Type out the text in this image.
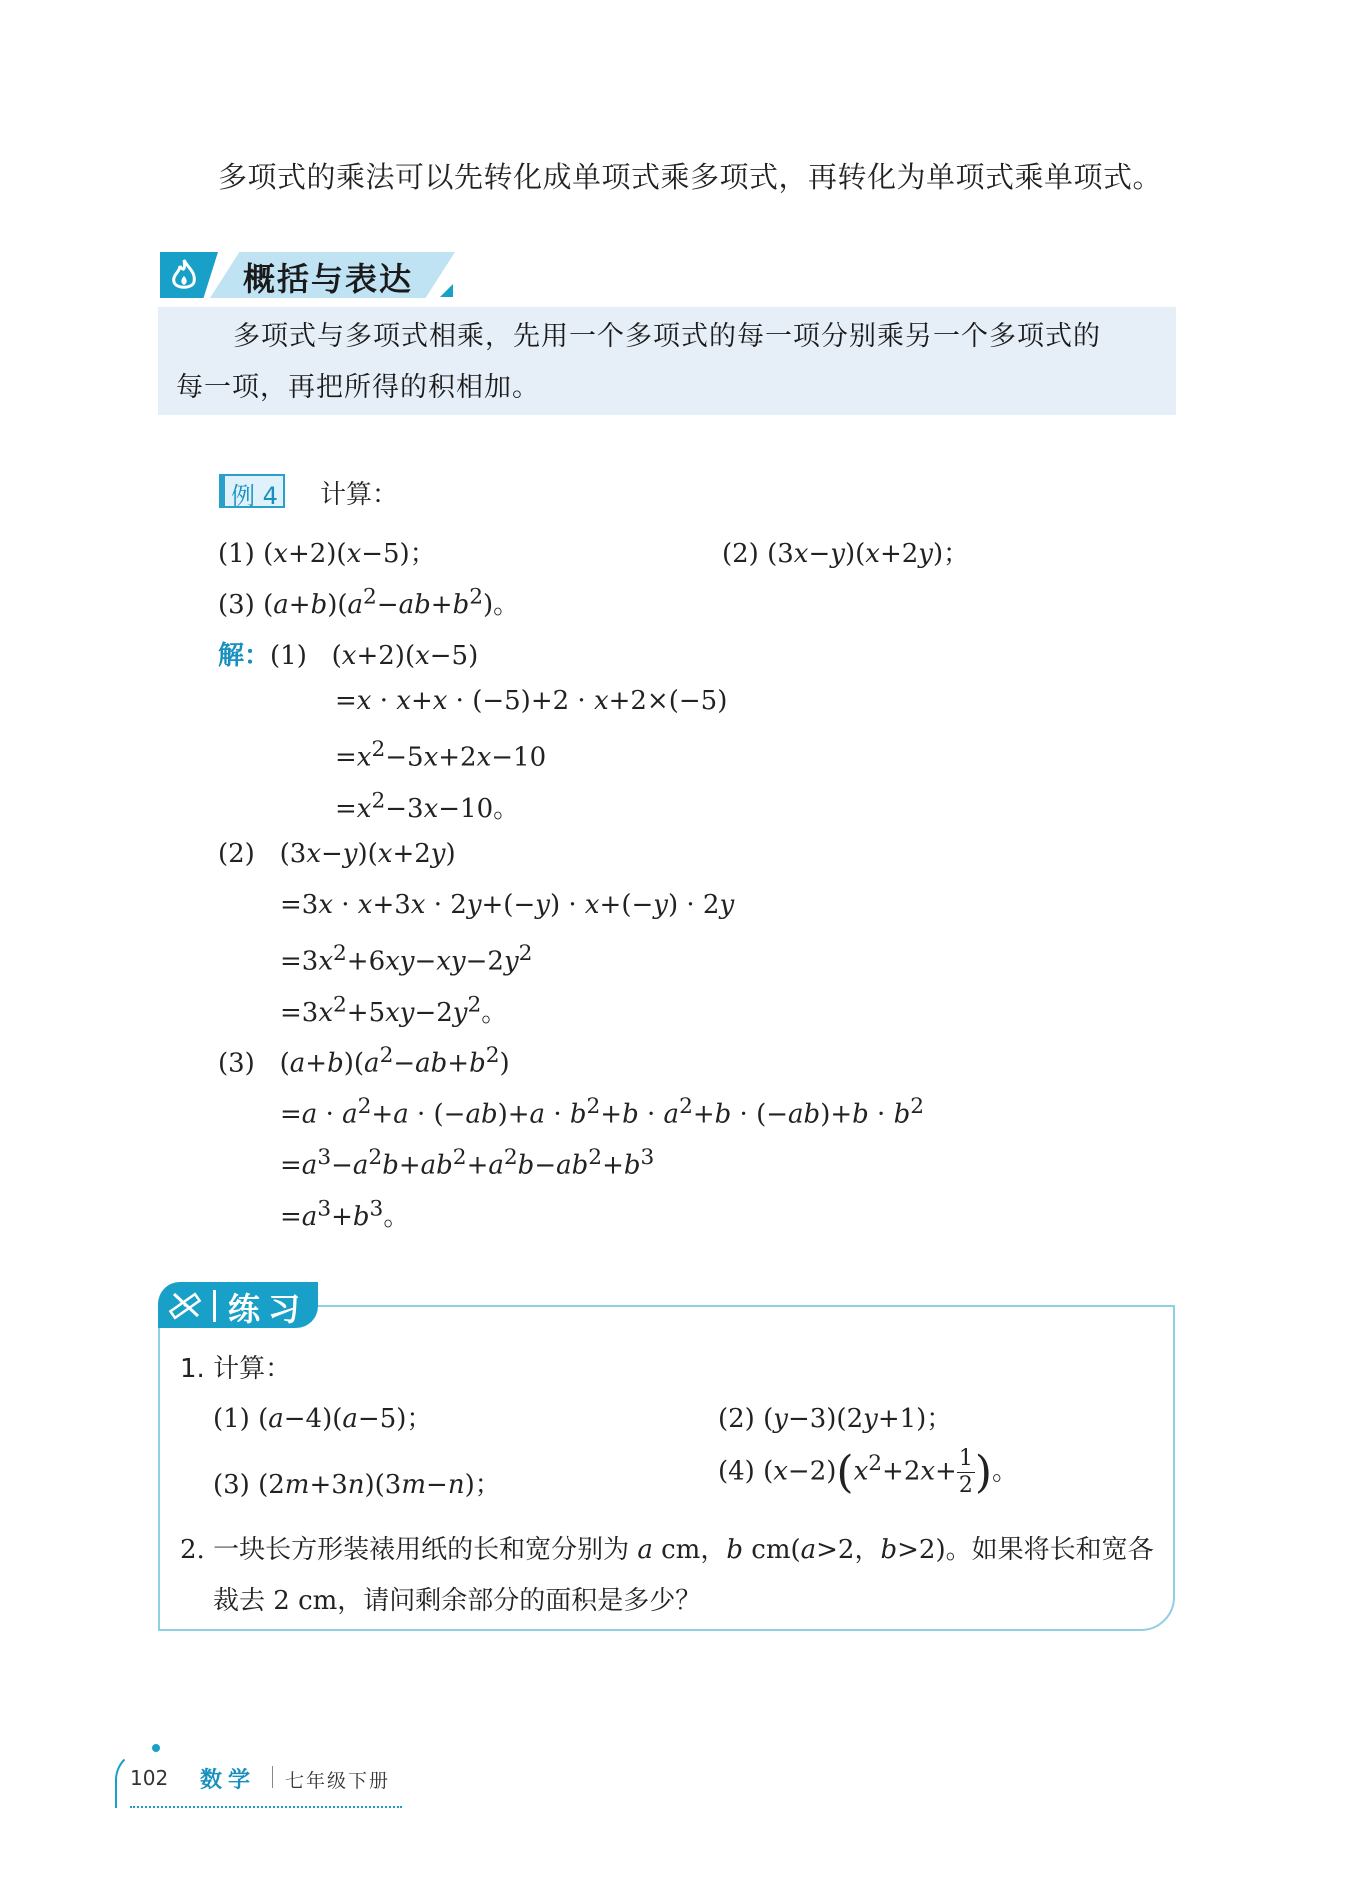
多项式的乘法可以先转化成单项式乘多项式，再转化为单项式乘单项式。
概括与表达
多项式与多项式相乘，先用一个多项式的每一项分别乘另一个多项式的
每一项，再把所得的积相加。
例 4 计算：
(1) (x+2)(x−5)；	(2) (3x−y)(x+2y)；
(3) $(a+b)(a^2-ab+b^2)$。
解：(1)   (x+2)(x−5)
=x · x+x · (−5)+2 · x+2×(−5)
$=x^2-5x+2x-10$
$=x^2-3x-10$。
(2)   (3x−y)(x+2y)
=3x · x+3x · 2y+(−y) · x+(−y) · 2y
$=3x^2+6xy-xy-2y^2$
$=3x^2+5xy-2y^2$。
(3)   $(a+b)(a^2-ab+b^2)$
$=a \cdot a^2+a \cdot (-ab)+a \cdot b^2+b \cdot a^2+b \cdot (-ab)+b \cdot b^2$
$=a^3-a^2b+ab^2+a^2b-ab^2+b^3$
$=a^3+b^3$。
练习
1. 计算：
(1) (a−4)(a−5)；	(2) (y−3)(2y+1)；
(3) (2m+3n)(3m−n)；	(4) $(x-2)(x^2+2x+ \frac{1}{2}$ )。
2. 一块长方形装裱用纸的长和宽分别为 a cm，b cm(a>2，b>2)。如果将长和宽各
裁去 2 cm，请问剩余部分的面积是多少？
102 数学 七年级下册
